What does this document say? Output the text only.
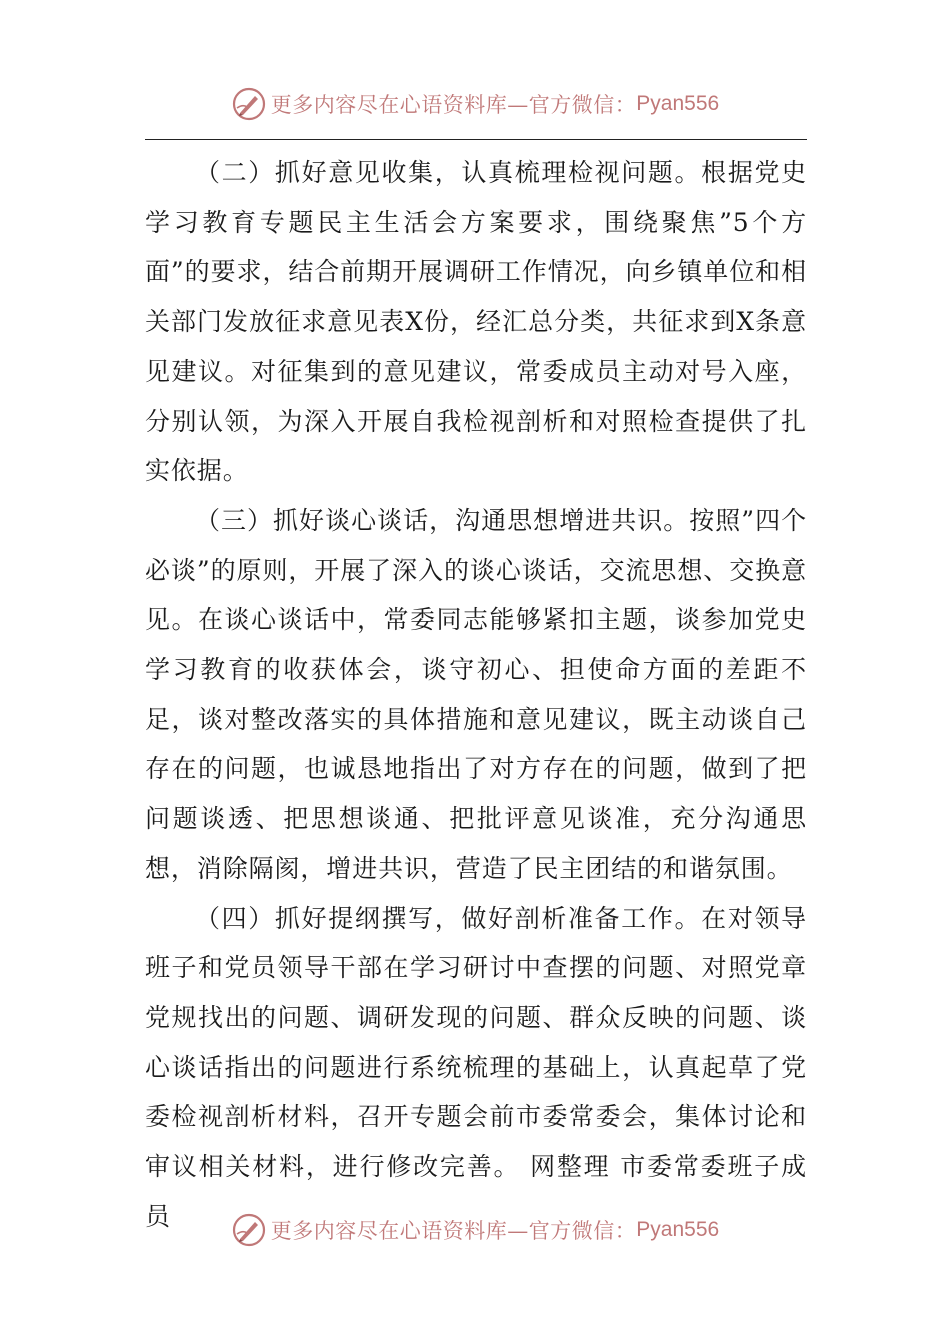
更多内容尽在心语资料库—官方微信： Pyan556

（二）抓好意见收集，认真梳理检视问题。根据党史学习教育专题民主生活会方案要求，围绕聚焦”5个方面”的要求，结合前期开展调研工作情况，向乡镇单位和相关部门发放征求意见表X份，经汇总分类，共征求到X条意见建议。对征集到的意见建议，常委成员主动对号入座，分别认领，为深入开展自我检视剖析和对照检查提供了扎实依据。

（三）抓好谈心谈话，沟通思想增进共识。按照”四个必谈”的原则，开展了深入的谈心谈话，交流思想、交换意见。在谈心谈话中，常委同志能够紧扣主题，谈参加党史学习教育的收获体会，谈守初心、担使命方面的差距不足，谈对整改落实的具体措施和意见建议，既主动谈自己存在的问题，也诚恳地指出了对方存在的问题，做到了把问题谈透、把思想谈通、把批评意见谈准，充分沟通思想，消除隔阂，增进共识，营造了民主团结的和谐氛围。

（四）抓好提纲撰写，做好剖析准备工作。在对领导班子和党员领导干部在学习研讨中查摆的问题、对照党章党规找出的问题、调研发现的问题、群众反映的问题、谈心谈话指出的问题进行系统梳理的基础上，认真起草了党委检视剖析材料，召开专题会前市委常委会，集体讨论和审议相关材料，进行修改完善。 网整理 市委常委班子成员

更多内容尽在心语资料库—官方微信： Pyan556
